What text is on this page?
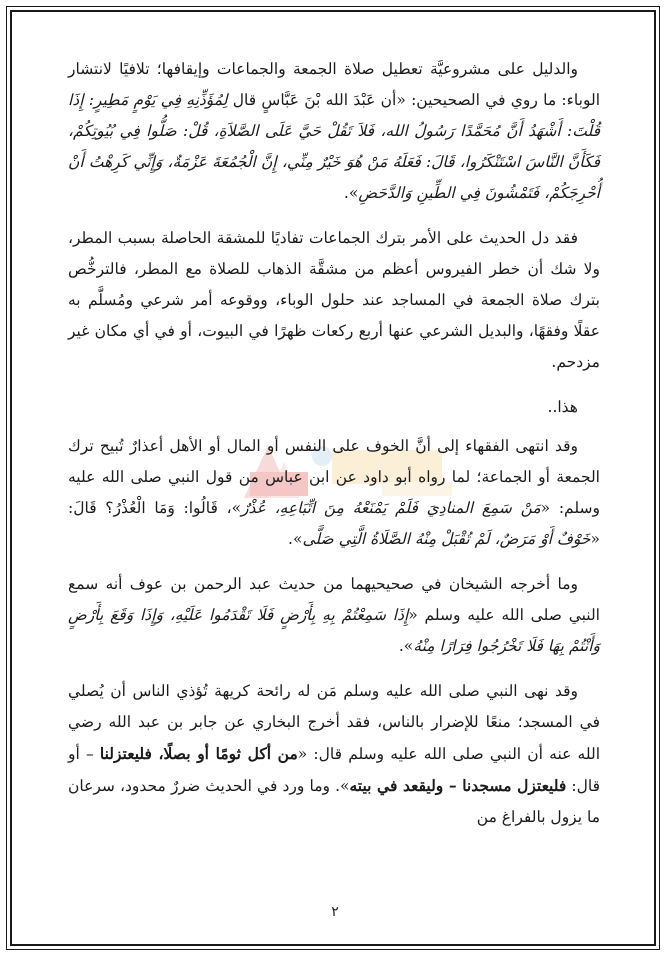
والدليل على مشروعيَّة تعطيل صلاة الجمعة والجماعات وإيقافها؛ تلافيًا لانتشار الوباء: ما روي في الصحيحين: «أن عَبْدَ الله بْنَ عَبَّاسٍ قال لِمُؤَذِّنِهِ فِي يَوْمٍ مَطِيرٍ: إِذَا قُلْتَ: أَشْهَدُ أَنَّ مُحَمَّدًا رَسُولُ الله، فَلاَ تَقُلْ حَيَّ عَلَى الصَّلاَةِ، قُلْ: صَلُّوا فِي بُيُوتِكُمْ، فَكَأَنَّ النَّاسَ اسْتَنْكَرُوا، قَالَ: فَعَلَهُ مَنْ هُوَ خَيْرٌ مِنِّي، إِنَّ الْجُمُعَةَ عَزْمَةٌ، وَإِنِّي كَرِهْتُ أَنْ أُحْرِجَكُمْ، فَتَمْشُونَ فِي الطِّينِ وَالدَّحَضِ».

فقد دل الحديث على الأمر بترك الجماعات تفاديًا للمشقة الحاصلة بسبب المطر، ولا شك أن خطر الفيروس أعظم من مشقَّة الذهاب للصلاة مع المطر، فالترخُّص بترك صلاة الجمعة في المساجد عند حلول الوباء، ووقوعه أمر شرعي ومُسلَّم به عقلًا وفقهًا، والبديل الشرعي عنها أربع ركعات ظهرًا في البيوت، أو في أي مكان غير مزدحم.

هذا..

وقد انتهى الفقهاء إلى أنَّ الخوف على النفس أو المال أو الأهل أعذارٌ تُبيح ترك الجمعة أو الجماعة؛ لما رواه أبو داود عن ابن عباس من قول النبي صلى الله عليه وسلم: «مَنْ سَمِعَ المنادِيَ فَلَمْ يَمْنَعْهُ مِنَ اتِّبَاعِهِ، عُذْرٌ»، قَالُوا: وَمَا الْعُذْرُ؟ قَالَ: «خَوْفٌ أَوْ مَرَضٌ، لَمْ تُقْبَلْ مِنْهُ الصَّلَاةُ الَّتِي صَلَّى».

وما أخرجه الشيخان في صحيحيهما من حديث عبد الرحمن بن عوف أنه سمع النبي صلى الله عليه وسلم «إِذَا سَمِعْتُمْ بِهِ بِأَرْضٍ فَلَا تَقْدَمُوا عَلَيْهِ، وَإِذَا وَقَعَ بِأَرْضٍ وَأَنْتُمْ بِهَا فَلَا تَخْرُجُوا فِرَارًا مِنْهُ».

وقد نهى النبي صلى الله عليه وسلم مَن له رائحة كريهة تُؤذي الناس أن يُصلي في المسجد؛ منعًا للإضرار بالناس، فقد أخرج البخاري عن جابر بن عبد الله رضي الله عنه أن النبي صلى الله عليه وسلم قال: «من أكل ثومًا أو بصلًا، فليعتزلنا – أو قال: فليعتزل مسجدنا – وليقعد في بيته». وما ورد في الحديث ضررٌ محدود، سرعان ما يزول بالفراغ من

٢
